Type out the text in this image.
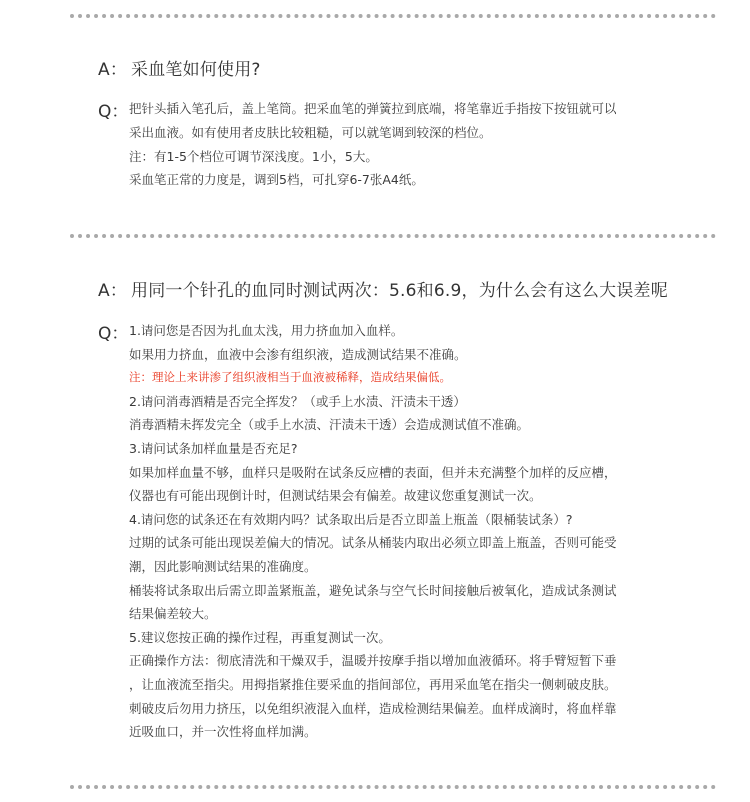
A： 采血笔如何使用?
Q： 把针头插入笔孔后，盖上笔筒。把采血笔的弹簧拉到底端，将笔靠近手指按下按钮就可以
采出血液。如有使用者皮肤比较粗糙，可以就笔调到较深的档位。
注：有1-5个档位可调节深浅度。1小，5大。
采血笔正常的力度是，调到5档，可扎穿6-7张A4纸。
A： 用同一个针孔的血同时测试两次：5.6和6.9，为什么会有这么大误差呢
Q： 1.请问您是否因为扎血太浅，用力挤血加入血样。
如果用力挤血，血液中会渗有组织液，造成测试结果不准确。
注：理论上来讲渗了组织液相当于血液被稀释，造成结果偏低。
2.请问消毒酒精是否完全挥发？（或手上水渍、汗渍未干透）
消毒酒精未挥发完全（或手上水渍、汗渍未干透）会造成测试值不准确。
3.请问试条加样血量是否充足?
如果加样血量不够，血样只是吸附在试条反应槽的表面，但并未充满整个加样的反应槽，
仪器也有可能出现倒计时，但测试结果会有偏差。故建议您重复测试一次。
4.请问您的试条还在有效期内吗？试条取出后是否立即盖上瓶盖（限桶装试条）?
过期的试条可能出现误差偏大的情况。试条从桶装内取出必须立即盖上瓶盖，否则可能受
潮，因此影响测试结果的准确度。
桶装将试条取出后需立即盖紧瓶盖，避免试条与空气长时间接触后被氧化，造成试条测试
结果偏差较大。
5.建议您按正确的操作过程，再重复测试一次。
正确操作方法：彻底清洗和干燥双手，温暖并按摩手指以增加血液循环。将手臂短暂下垂
，让血液流至指尖。用拇指紧推住要采血的指间部位，再用采血笔在指尖一侧刺破皮肤。
刺破皮后勿用力挤压，以免组织液混入血样，造成检测结果偏差。血样成滴时，将血样靠
近吸血口，并一次性将血样加满。
